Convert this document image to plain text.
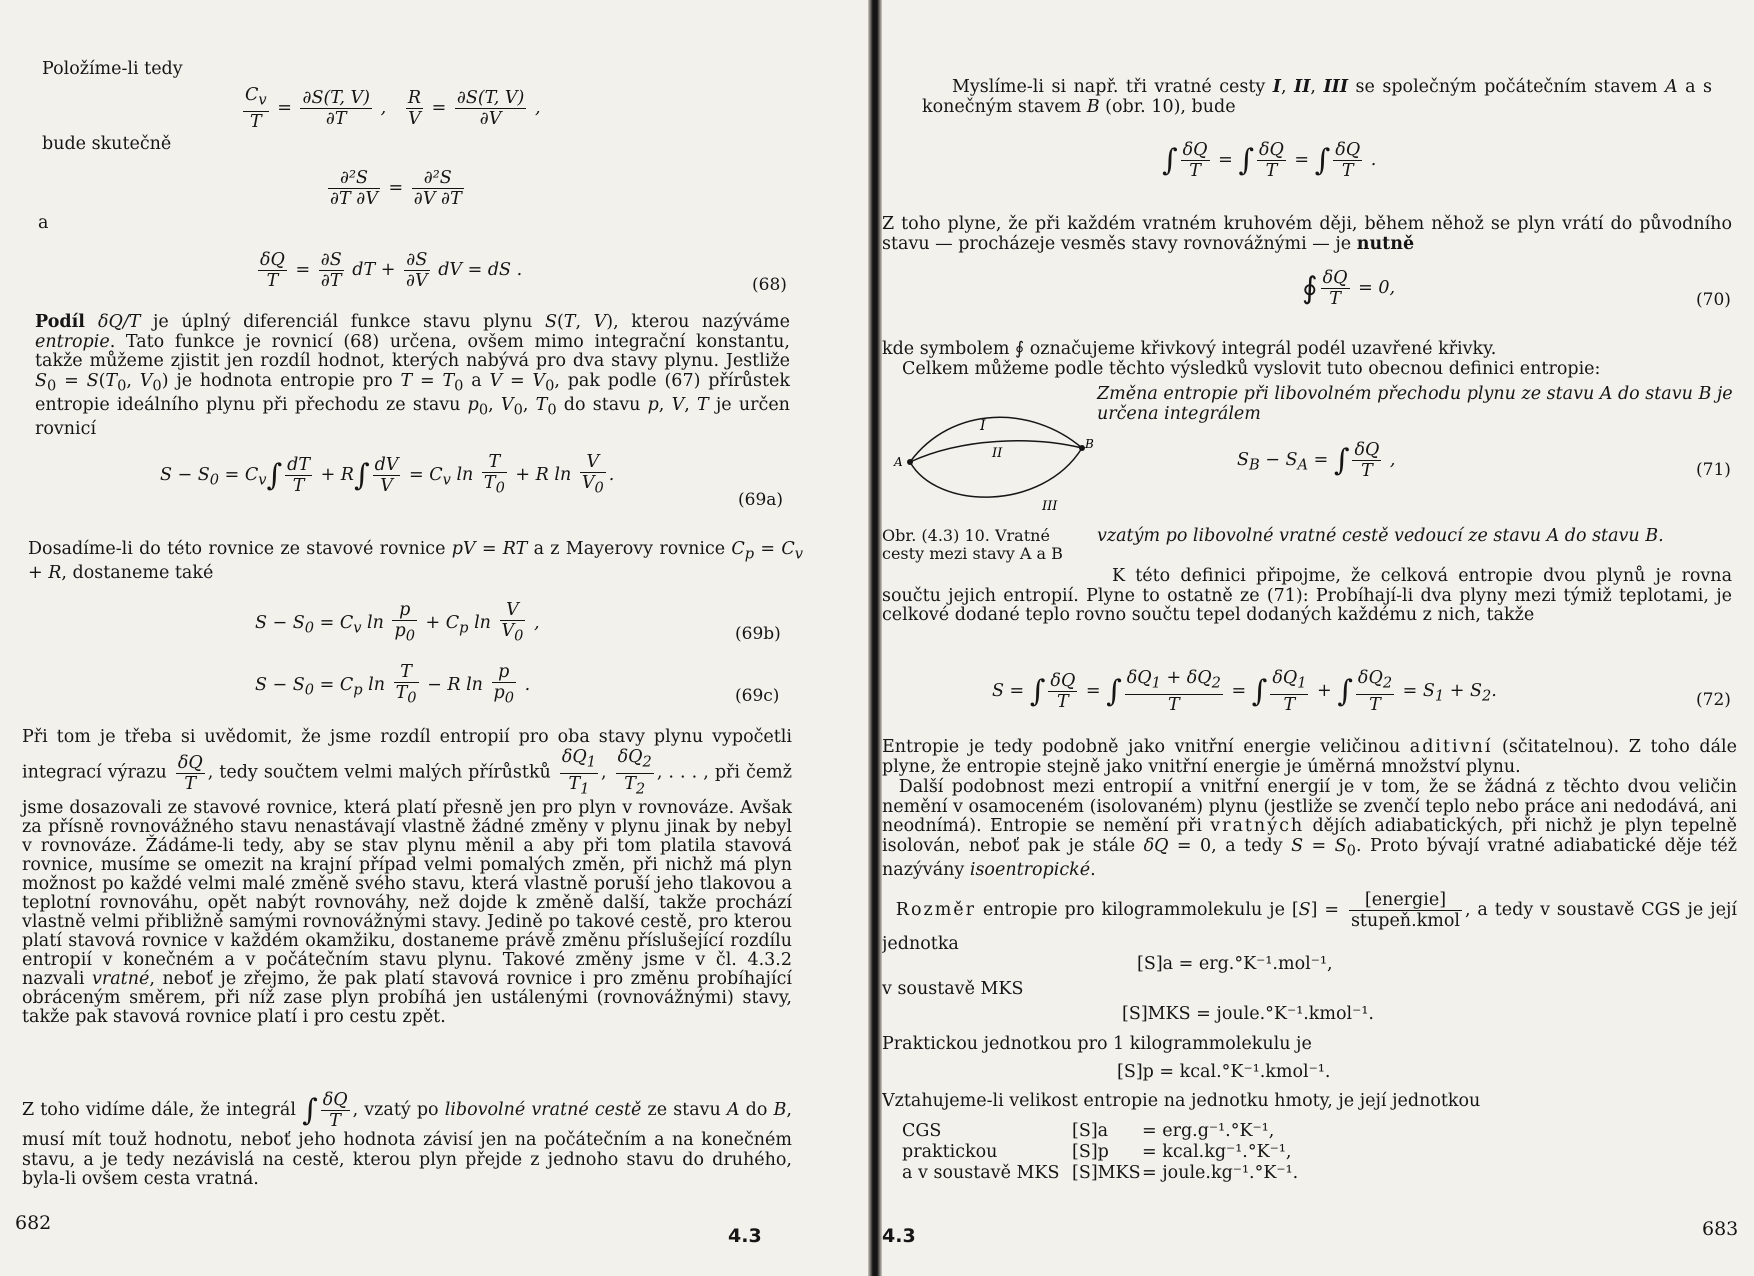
Položíme-li tedy
$\frac{C_v}{T} = \frac{\partial S(T, V)}{\partial T}$ , $\frac{R}{V} = \frac{\partial S(T, V)}{\partial V}$ ,
bude skutečně
$\frac{\text{∂²S}}{\partial T \partial V} = \frac{\text{∂²S}}{\partial V \partial T}$
a
$\frac{\delta Q}{T} = \frac{\partial S}{\partial T}$ dT + $\frac{\partial S}{\partial V}$ dV = dS .
(68)
Podíl δQ/T je úplný diferenciál funkce stavu plynu S(T, V), kterou nazýváme entropie. Tato funkce je rovnicí (68) určena, ovšem mimo integrační konstantu, takže můžeme zjistit jen rozdíl hodnot, kterých nabývá pro dva stavy plynu. Jestliže $S_0 = S(T_0$, $V_0$) je hodnota entropie pro $T = T_0$ a $V = V_0$, pak podle (67) přírůstek entropie ideálního plynu při přechodu ze stavu $p_0$, $V_0$, $T_0$ do stavu p, V, T je určen rovnicí
$S - S_0 = C_v\int \frac{dT}{T} + R\int \frac{dV}{V} = C_v$ $\ln \frac{T}{T_0} + R$ $\ln \frac{V}{V_0}$ .
(69a)
Dosadíme-li do této rovnice ze stavové rovnice pV = RT a z Mayerovy rovnice $C_p = C_v + R$, dostaneme také
$S - S_0 = C_v$ $\ln \frac{p}{p_0} + C_p$ $\ln \frac{V}{V_0}$ ,
(69b)
$S - S_0 = C_p$ $\ln \frac{T}{T_0} - R$ $\ln \frac{p}{p_0}$ .
(69c)
Při tom je třeba si uvědomit, že jsme rozdíl entropií pro oba stavy plynu vypočetli integrací výrazu $\frac{\delta Q}{T}$ , tedy součtem velmi malých přírůstků $\frac{\delta Q_1}{T_1}$ , $\frac{\delta Q_2}{T_2}$ , . . . , při čemž jsme dosazovali ze stavové rovnice, která platí přesně jen pro plyn v rovnováze. Avšak za přísně rovnovážného stavu nenastávají vlastně žádné změny v plynu jinak by nebyl v rovnováze. Žádáme-li tedy, aby se stav plynu měnil a aby při tom platila stavová rovnice, musíme se omezit na krajní případ velmi pomalých změn, při nichž má plyn možnost po každé velmi malé změně svého stavu, která vlastně poruší jeho tlakovou a teplotní rovnováhu, opět nabýt rovnováhy, než dojde k změně další, takže prochází vlastně velmi přibližně samými rovnovážnými stavy. Jedině po takové cestě, pro kterou platí stavová rovnice v každém okamžiku, dostaneme právě změnu příslušející rozdílu entropií v konečném a v počátečním stavu plynu. Takové změny jsme v čl. 4.3.2 nazvali vratné, neboť je zřejmo, že pak platí stavová rovnice i pro změnu probíhající obráceným směrem, při níž zase plyn probíhá jen ustálenými (rovnovážnými) stavy, takže pak stavová rovnice platí i pro cestu zpět.
Z toho vidíme dále, že integrál ∫ $\frac{\delta Q}{T}$ , vzatý po libovolné vratné cestě ze stavu A do B, musí mít touž hodnotu, neboť jeho hodnota závisí jen na počátečním a na konečném stavu, a je tedy nezávislá na cestě, kterou plyn přejde z jednoho stavu do druhého, byla-li ovšem cesta vratná.
682
4.3
Myslíme-li si např. tři vratné cesty I, II, III se společným počátečním stavem A a s konečným stavem B (obr. 10), bude
∫ $\frac{\delta Q}{T}$ = ∫ $\frac{\delta Q}{T}$ = ∫ $\frac{\delta Q}{T}$ .
Z toho plyne, že při každém vratném kruhovém ději, během něhož se plyn vrátí do původního stavu — procházeje vesměs stavy rovnovážnými — je nutně
∮ $\frac{\delta Q}{T} = 0$,
(70)
kde symbolem ∮ označujeme křivkový integrál podél uzavřené křivky.
Celkem můžeme podle těchto výsledků vyslovit tuto obecnou definici entropie:
Změna entropie při libovolném přechodu plynu ze stavu A do stavu B je určena integrálem
I
II
III
A
B
$S_B - S_A$ = ∫ $\frac{\delta Q}{T}$ ,	(71)
Obr. (4.3) 10. Vratné cesty mezi stavy A a B
vzatým po libovolné vratné cestě vedoucí ze stavu A do stavu B.
K této definici připojme, že celková entropie dvou plynů je rovna součtu jejich entropií. Plyne to ostatně ze (71): Probíhají-li dva plyny mezi týmiž teplotami, je celkové dodané teplo rovno součtu tepel dodaných každému z nich, takže
S = ∫ $\frac{\delta Q}{T}$ = ∫ $\frac{\delta Q_1 + \delta Q_2}{T}$ = ∫ $\frac{\delta Q_1}{T}$ + ∫ $\frac{\delta Q_2}{T} = S_1 + S_2$.	(72)
Entropie je tedy podobně jako vnitřní energie veličinou aditivní (sčitatelnou). Z toho dále plyne, že entropie stejně jako vnitřní energie je úměrná množství plynu.
Další podobnost mezi entropií a vnitřní energií je v tom, že se žádná z těchto dvou veličin nemění v osamoceném (isolovaném) plynu (jestliže se zvenčí teplo nebo práce ani nedodává, ani neodnímá). Entropie se nemění při vratných dějích adiabatických, při nichž je plyn tepelně isolován, neboť pak je stále δQ = 0, a tedy $S = S_0$. Proto bývají vratné adiabatické děje též nazývány isoentropické.
Rozměr entropie pro kilogrammolekulu je $[S] = \frac{\text{[energie]}}{\text{stupeň.kmol}}$ , a tedy v soustavě CGS je její jednotka
[S]a = erg.°K⁻¹.mol⁻¹,
v soustavě MKS
[S]MKS = joule.°K⁻¹.kmol⁻¹.
Praktickou jednotkou pro 1 kilogrammolekulu je
[S]p = kcal.°K⁻¹.kmol⁻¹.
Vztahujeme-li velikost entropie na jednotku hmoty, je její jednotkou
CGS	[S]a = erg.g⁻¹.°K⁻¹,
praktickou	[S]p = kcal.kg⁻¹.°K⁻¹,
a v soustavě MKS [S]MKS = joule.kg⁻¹.°K⁻¹.
4.3	683
